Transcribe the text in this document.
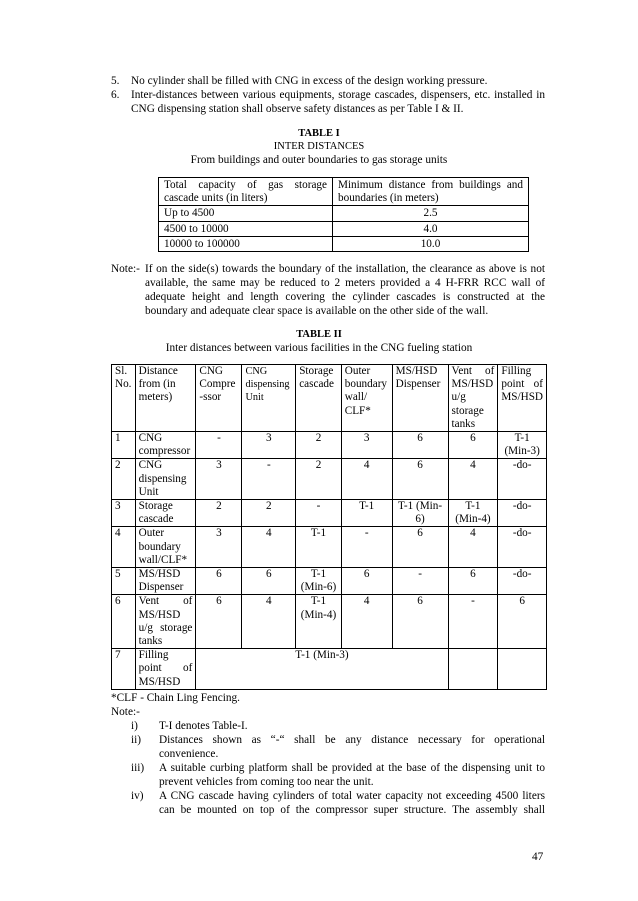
5. No cylinder shall be filled with CNG in excess of the design working pressure.
6. Inter-distances between various equipments, storage cascades, dispensers, etc. installed in
CNG dispensing station shall observe safety distances as per Table I & II.
TABLE I
INTER DISTANCES
From buildings and outer boundaries to gas storage units
Total capacity of gas storage cascade units (in liters)	Minimum distance from buildings and boundaries (in meters)
Up to 4500	2.5
4500 to 10000	4.0
10000 to 100000	10.0
Note:- If on the side(s) towards the boundary of the installation, the clearance as above is not
available, the same may be reduced to 2 meters provided a 4 H-FRR RCC wall of
adequate height and length covering the cylinder cascades is constructed at the
boundary and adequate clear space is available on the other side of the wall.
TABLE II
Inter distances between various facilities in the CNG fueling station
Sl. No.	Distance from (in meters)	CNG Compre -ssor	CNG dispensing Unit	Storage cascade	Outer boundary wall/ CLF*	MS/HSD Dispenser	Vent of MS/HSD u/g storage tanks	Filling point of MS/HSD
1	CNG compressor	-	3	2	3	6	6	T-1 (Min-3)
2	CNG dispensing Unit	3	-	2	4	6	4	-do-
3	Storage cascade	2	2	-	T-1	T-1 (Min-6)	T-1 (Min-4)	-do-
4	Outer boundary wall/CLF*	3	4	T-1	-	6	4	-do-
5	MS/HSD Dispenser	6	6	T-1 (Min-6)	6	-	6	-do-
6	Vent of MS/HSD u/g storage tanks	6	4	T-1 (Min-4)	4	6	-	6
7	Filling point of MS/HSD	T-1 (Min-3)						
*CLF - Chain Ling Fencing.
Note:-
i) T-I denotes Table-I.
ii) Distances shown as “-“ shall be any distance necessary for operational
convenience.
iii) A suitable curbing platform shall be provided at the base of the dispensing unit to
prevent vehicles from coming too near the unit.
iv) A CNG cascade having cylinders of total water capacity not exceeding 4500 liters
can be mounted on top of the compressor super structure. The assembly shall
47
